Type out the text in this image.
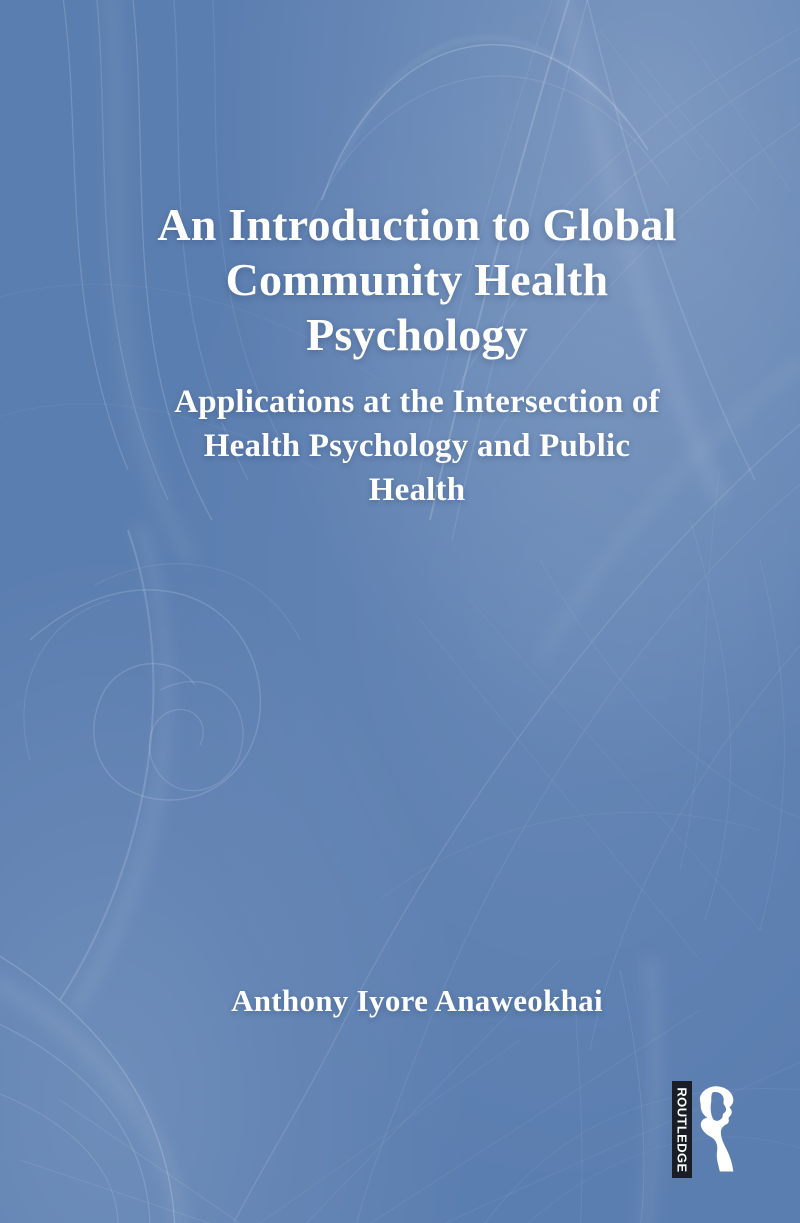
An Introduction to Global
Community Health
Psychology
Applications at the Intersection of
Health Psychology and Public
Health
Anthony Iyore Anaweokhai
ROUTLEDGE
